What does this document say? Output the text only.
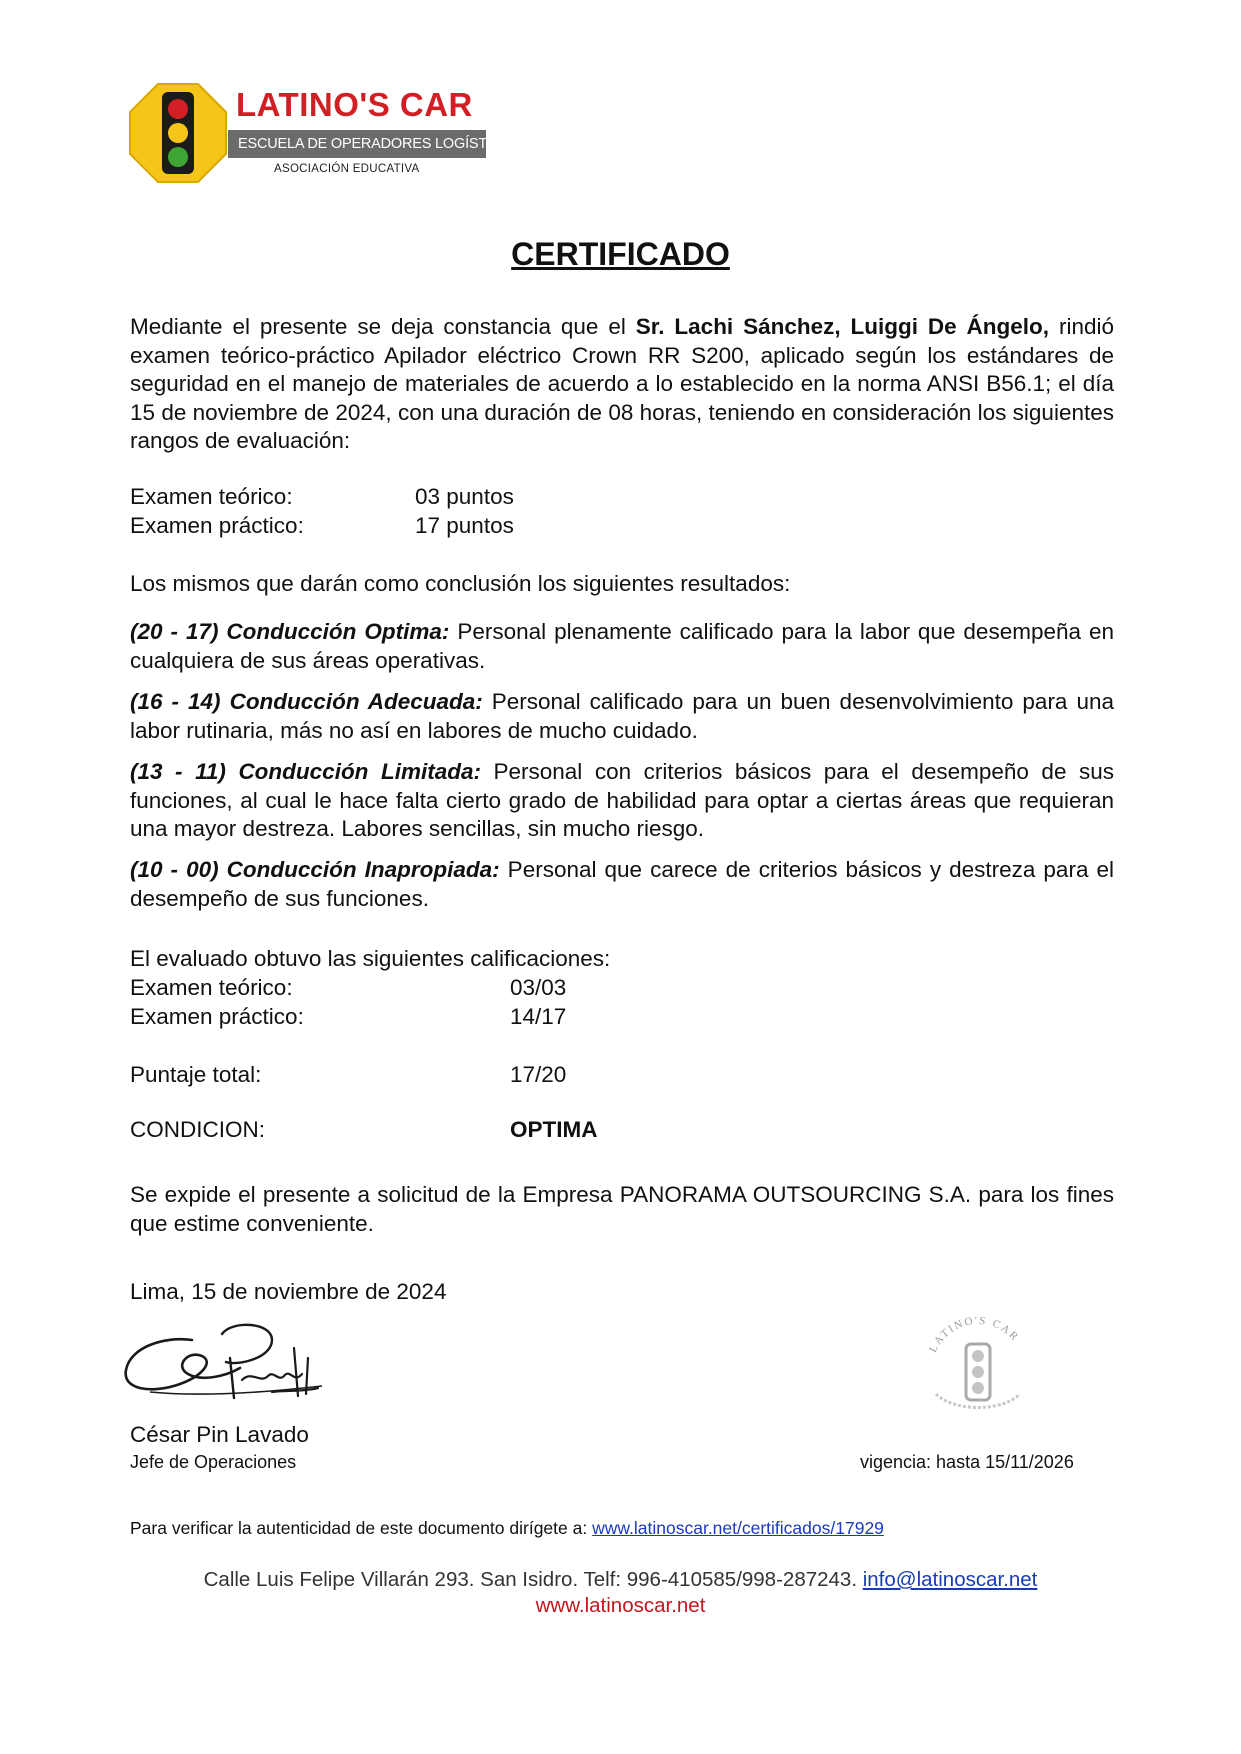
LATINO'S CAR
ESCUELA DE OPERADORES LOGÍSTICOS
ASOCIACIÓN EDUCATIVA
CERTIFICADO
Mediante el presente se deja constancia que el Sr. Lachi Sánchez, Luiggi De Ángelo, rindió examen teórico-práctico Apilador eléctrico Crown RR S200, aplicado según los estándares de seguridad en el manejo de materiales de acuerdo a lo establecido en la norma ANSI B56.1; el día 15 de noviembre de 2024, con una duración de 08 horas, teniendo en consideración los siguientes rangos de evaluación:
Examen teórico:	03 puntos
Examen práctico:	17 puntos
Los mismos que darán como conclusión los siguientes resultados:
(20 - 17) Conducción Optima: Personal plenamente calificado para la labor que desempeña en cualquiera de sus áreas operativas.
(16 - 14) Conducción Adecuada: Personal calificado para un buen desenvolvimiento para una labor rutinaria, más no así en labores de mucho cuidado.
(13 - 11) Conducción Limitada: Personal con criterios básicos para el desempeño de sus funciones, al cual le hace falta cierto grado de habilidad para optar a ciertas áreas que requieran una mayor destreza. Labores sencillas, sin mucho riesgo.
(10 - 00) Conducción Inapropiada: Personal que carece de criterios básicos y destreza para el desempeño de sus funciones.
El evaluado obtuvo las siguientes calificaciones:
Examen teórico:	03/03
Examen práctico:	14/17
Puntaje total:	17/20
CONDICION:	OPTIMA
Se expide el presente a solicitud de la Empresa PANORAMA OUTSOURCING S.A. para los fines que estime conveniente.
Lima, 15 de noviembre de 2024
César Pin Lavado
Jefe de Operaciones
LATINO'S CAR
vigencia: hasta 15/11/2026
Para verificar la autenticidad de este documento dirígete a: www.latinoscar.net/certificados/17929
Calle Luis Felipe Villarán 293. San Isidro. Telf: 996-410585/998-287243. info@latinoscar.net
www.latinoscar.net
